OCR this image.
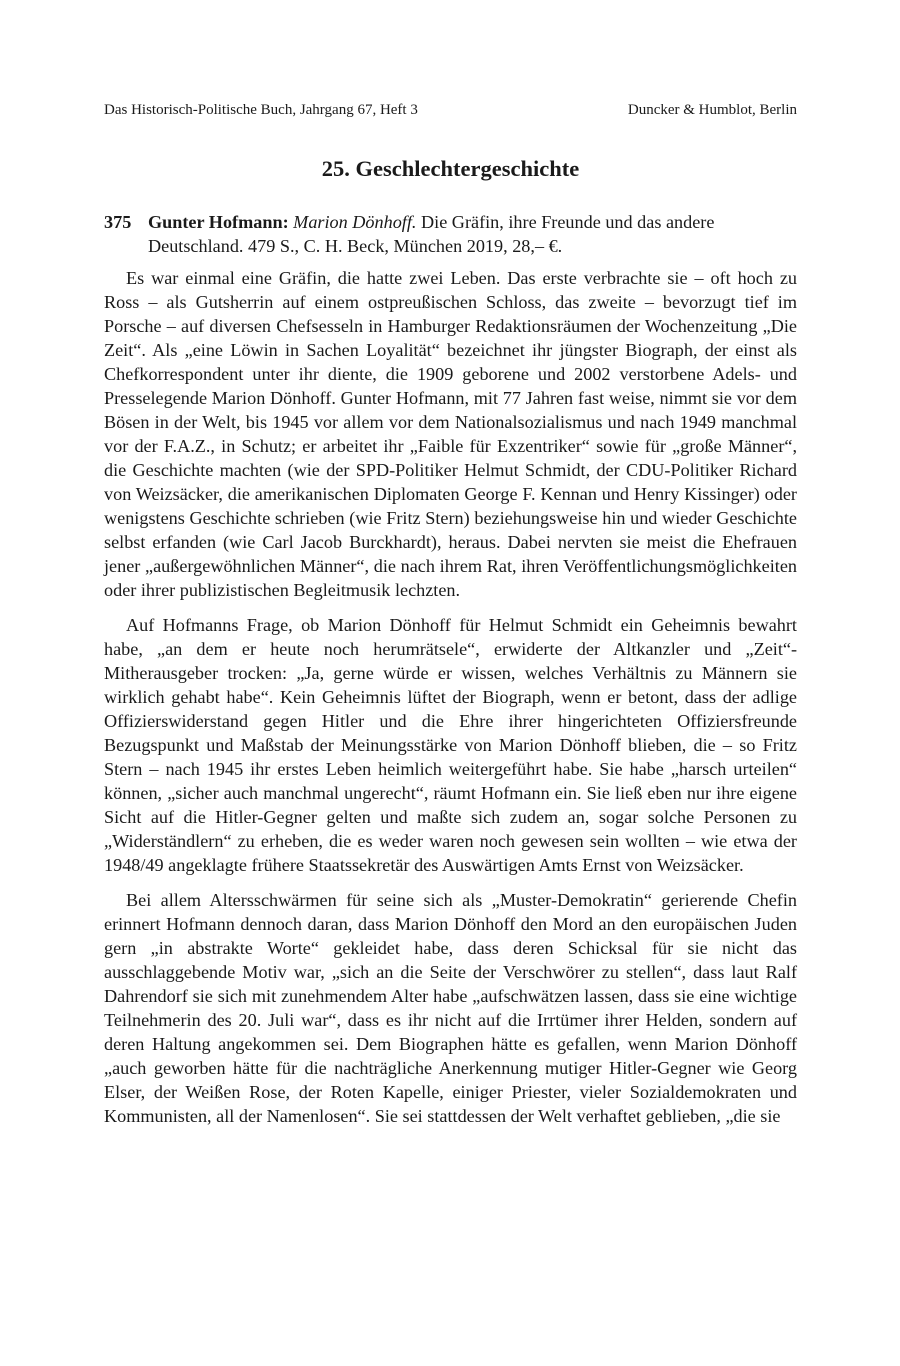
Das Historisch-Politische Buch, Jahrgang 67, Heft 3	Duncker & Humblot, Berlin
25. Geschlechtergeschichte
375 Gunter Hofmann: Marion Dönhoff. Die Gräfin, ihre Freunde und das andere Deutschland. 479 S., C. H. Beck, München 2019, 28,– €.

Es war einmal eine Gräfin, die hatte zwei Leben. Das erste verbrachte sie – oft hoch zu Ross – als Gutsherrin auf einem ostpreußischen Schloss, das zweite – bevorzugt tief im Porsche – auf diversen Chefsesseln in Hamburger Redaktionsräumen der Wochenzeitung „Die Zeit“. Als „eine Löwin in Sachen Loyalität“ bezeichnet ihr jüngster Biograph, der einst als Chefkorrespondent unter ihr diente, die 1909 geborene und 2002 verstorbene Adels- und Presselegende Marion Dönhoff. Gunter Hofmann, mit 77 Jahren fast weise, nimmt sie vor dem Bösen in der Welt, bis 1945 vor allem vor dem Nationalsozialismus und nach 1949 manchmal vor der F.A.Z., in Schutz; er arbeitet ihr „Faible für Exzentriker“ sowie für „große Männer“, die Geschichte machten (wie der SPD-Politiker Helmut Schmidt, der CDU-Politiker Richard von Weizsäcker, die amerikanischen Diplomaten George F. Kennan und Henry Kissinger) oder wenigstens Geschichte schrieben (wie Fritz Stern) beziehungsweise hin und wieder Geschichte selbst erfanden (wie Carl Jacob Burckhardt), heraus. Dabei nervten sie meist die Ehefrauen jener „außergewöhnlichen Männer“, die nach ihrem Rat, ihren Veröffentlichungsmöglichkeiten oder ihrer publizistischen Begleitmusik lechzten.

Auf Hofmanns Frage, ob Marion Dönhoff für Helmut Schmidt ein Geheimnis bewahrt habe, „an dem er heute noch herumrätsele“, erwiderte der Altkanzler und „Zeit“-Mitherausgeber trocken: „Ja, gerne würde er wissen, welches Verhältnis zu Männern sie wirklich gehabt habe“. Kein Geheimnis lüftet der Biograph, wenn er betont, dass der adlige Offizierswiderstand gegen Hitler und die Ehre ihrer hingerichteten Offiziersfreunde Bezugspunkt und Maßstab der Meinungsstärke von Marion Dönhoff blieben, die – so Fritz Stern – nach 1945 ihr erstes Leben heimlich weitergeführt habe. Sie habe „harsch urteilen“ können, „sicher auch manchmal ungerecht“, räumt Hofmann ein. Sie ließ eben nur ihre eigene Sicht auf die Hitler-Gegner gelten und maßte sich zudem an, sogar solche Personen zu „Widerständlern“ zu erheben, die es weder waren noch gewesen sein wollten – wie etwa der 1948/49 angeklagte frühere Staatssekretär des Auswärtigen Amts Ernst von Weizsäcker.

Bei allem Altersschwärmen für seine sich als „Muster-Demokratin“ gerierende Chefin erinnert Hofmann dennoch daran, dass Marion Dönhoff den Mord an den europäischen Juden gern „in abstrakte Worte“ gekleidet habe, dass deren Schicksal für sie nicht das ausschlaggebende Motiv war, „sich an die Seite der Verschwörer zu stellen“, dass laut Ralf Dahrendorf sie sich mit zunehmendem Alter habe „aufschwätzen lassen, dass sie eine wichtige Teilnehmerin des 20. Juli war“, dass es ihr nicht auf die Irrtümer ihrer Helden, sondern auf deren Haltung angekommen sei. Dem Biographen hätte es gefallen, wenn Marion Dönhoff „auch geworben hätte für die nachträgliche Anerkennung mutiger Hitler-Gegner wie Georg Elser, der Weißen Rose, der Roten Kapelle, einiger Priester, vieler Sozialdemokraten und Kommunisten, all der Namenlosen“. Sie sei stattdessen der Welt verhaftet geblieben, „die sie
